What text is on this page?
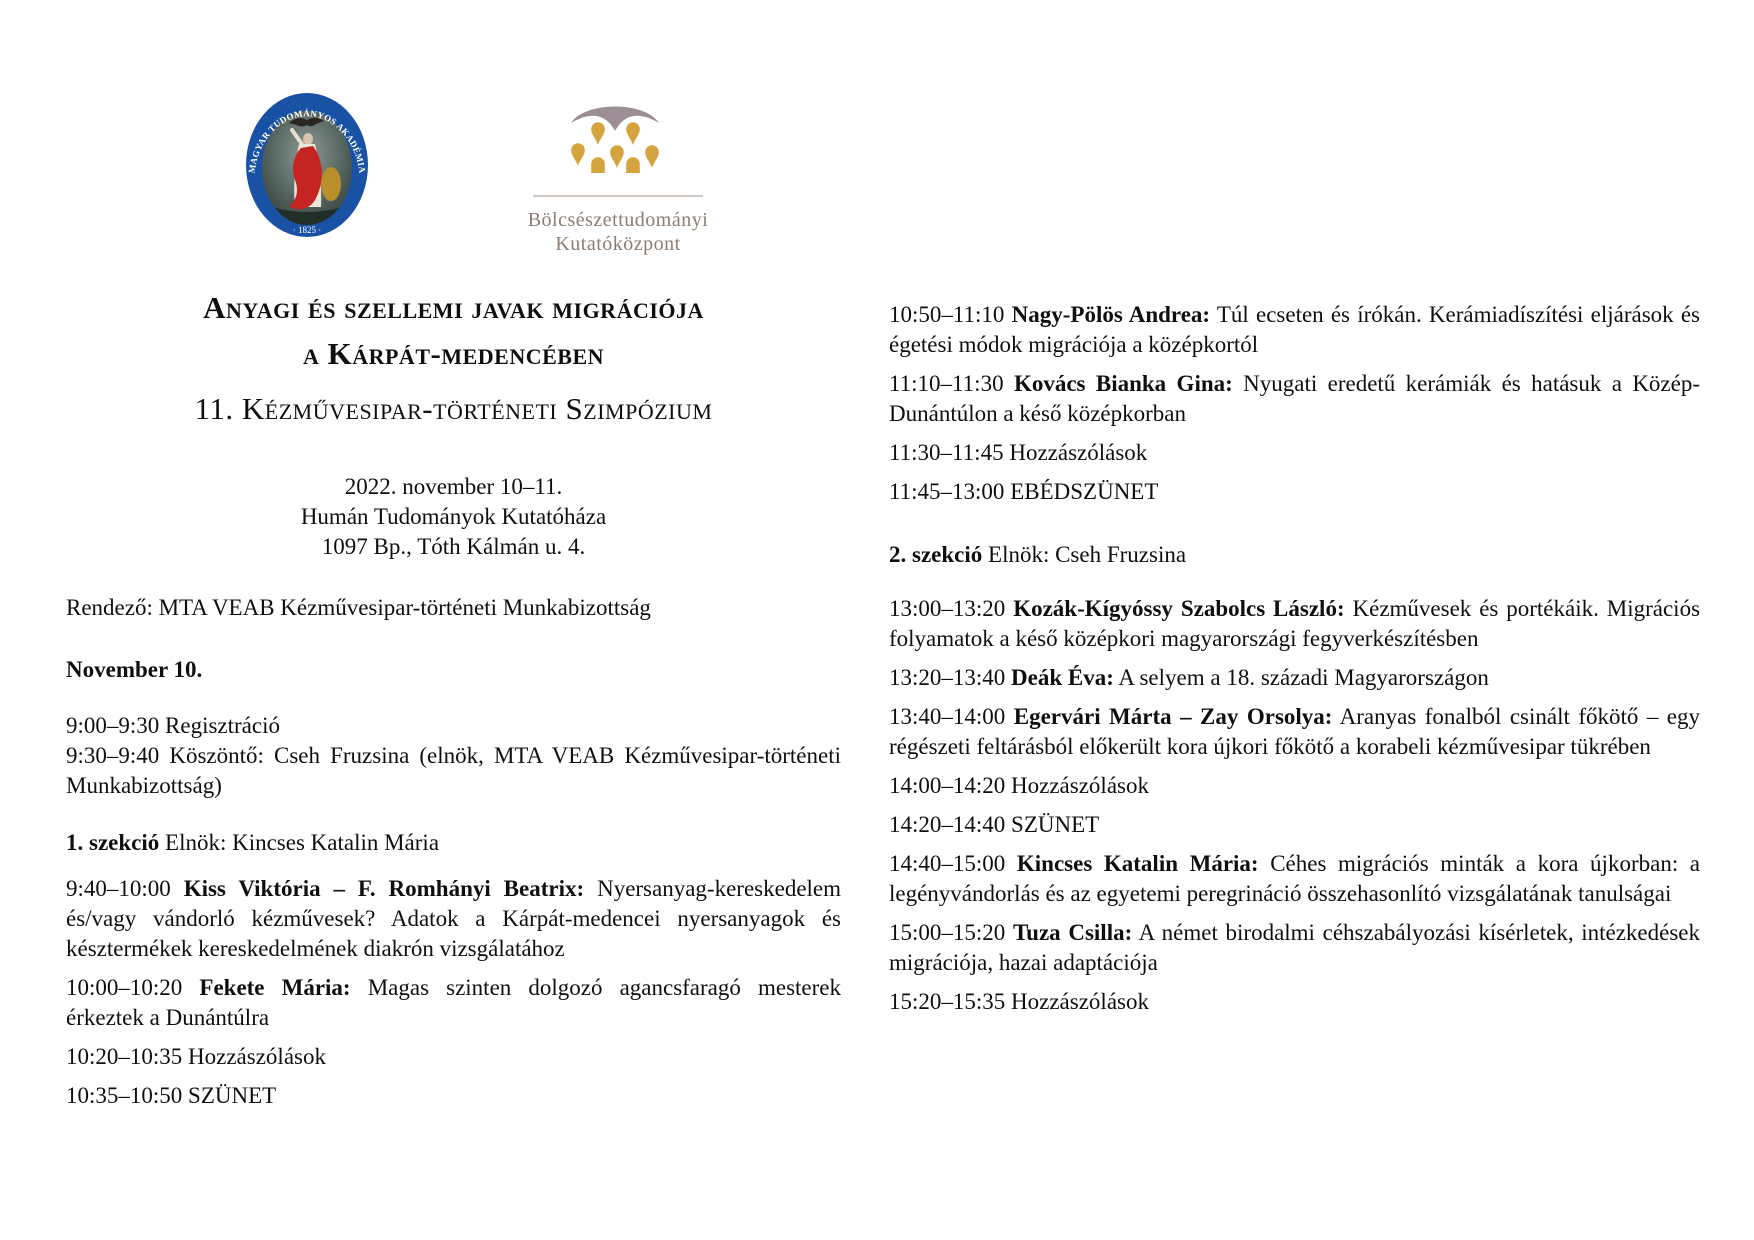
MAGYAR TUDOMÁNYOS AKADÉMIA
· 1825 ·	Bölcsészettudományi
Kutatóközpont
Anyagi és szellemi javak migrációja
a Kárpát-medencében
11. Kézművesipar-történeti Szimpózium
2022. november 10–11.
Humán Tudományok Kutatóháza
1097 Bp., Tóth Kálmán u. 4.

Rendező: MTA VEAB Kézművesipar-történeti Munkabizottság

November 10.

9:00–9:30 Regisztráció

9:30–9:40 Köszöntő: Cseh Fruzsina (elnök, MTA VEAB Kézművesipar-történeti Munkabizottság)

1. szekció Elnök: Kincses Katalin Mária

9:40–10:00 Kiss Viktória – F. Romhányi Beatrix: Nyersanyag-kereskedelem és/vagy vándorló kézművesek? Adatok a Kárpát-medencei nyersanyagok és késztermékek kereskedelmének diakrón vizsgálatához

10:00–10:20 Fekete Mária: Magas szinten dolgozó agancsfaragó mesterek érkeztek a Dunántúlra

10:20–10:35 Hozzászólások

10:35–10:50 SZÜNET

10:50–11:10 Nagy-Pölös Andrea: Túl ecseten és írókán. Kerámiadíszítési eljárások és égetési módok migrációja a középkortól

11:10–11:30 Kovács Bianka Gina: Nyugati eredetű kerámiák és hatásuk a Közép-Dunántúlon a késő középkorban

11:30–11:45 Hozzászólások

11:45–13:00 EBÉDSZÜNET

2. szekció Elnök: Cseh Fruzsina

13:00–13:20 Kozák-Kígyóssy Szabolcs László: Kézművesek és portékáik. Migrációs folyamatok a késő középkori magyarországi fegyverkészítésben

13:20–13:40 Deák Éva: A selyem a 18. századi Magyarországon

13:40–14:00 Egervári Márta – Zay Orsolya: Aranyas fonalból csinált főkötő – egy régészeti feltárásból előkerült kora újkori főkötő a korabeli kézművesipar tükrében

14:00–14:20 Hozzászólások

14:20–14:40 SZÜNET

14:40–15:00 Kincses Katalin Mária: Céhes migrációs minták a kora újkorban: a legényvándorlás és az egyetemi peregrináció összehasonlító vizsgálatának tanulságai

15:00–15:20 Tuza Csilla: A német birodalmi céhszabályozási kísérletek, intézkedések migrációja, hazai adaptációja

15:20–15:35 Hozzászólások
